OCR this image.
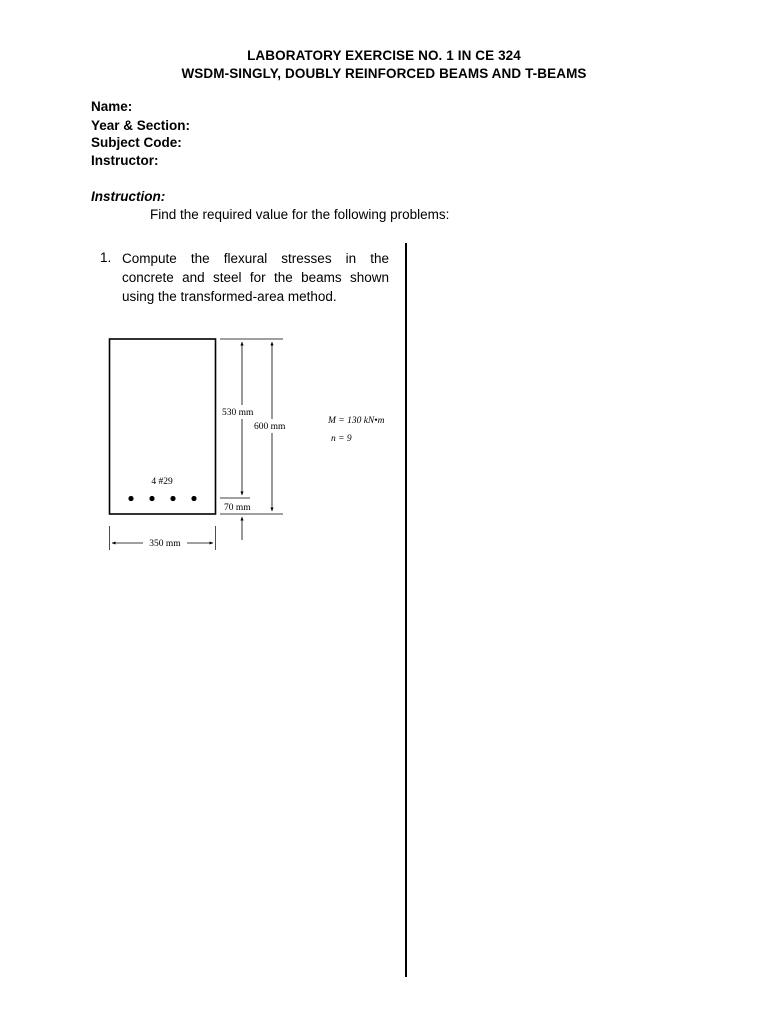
LABORATORY EXERCISE NO. 1 IN CE 324
WSDM-SINGLY, DOUBLY REINFORCED BEAMS AND T-BEAMS
Name:
Year & Section:
Subject Code:
Instructor:
Instruction:
Find the required value for the following problems:
1. Compute the flexural stresses in the concrete and steel for the beams shown using the transformed-area method.
4 #29
530 mm
600 mm
70 mm
350 mm
M = 130 kN•m
n = 9
